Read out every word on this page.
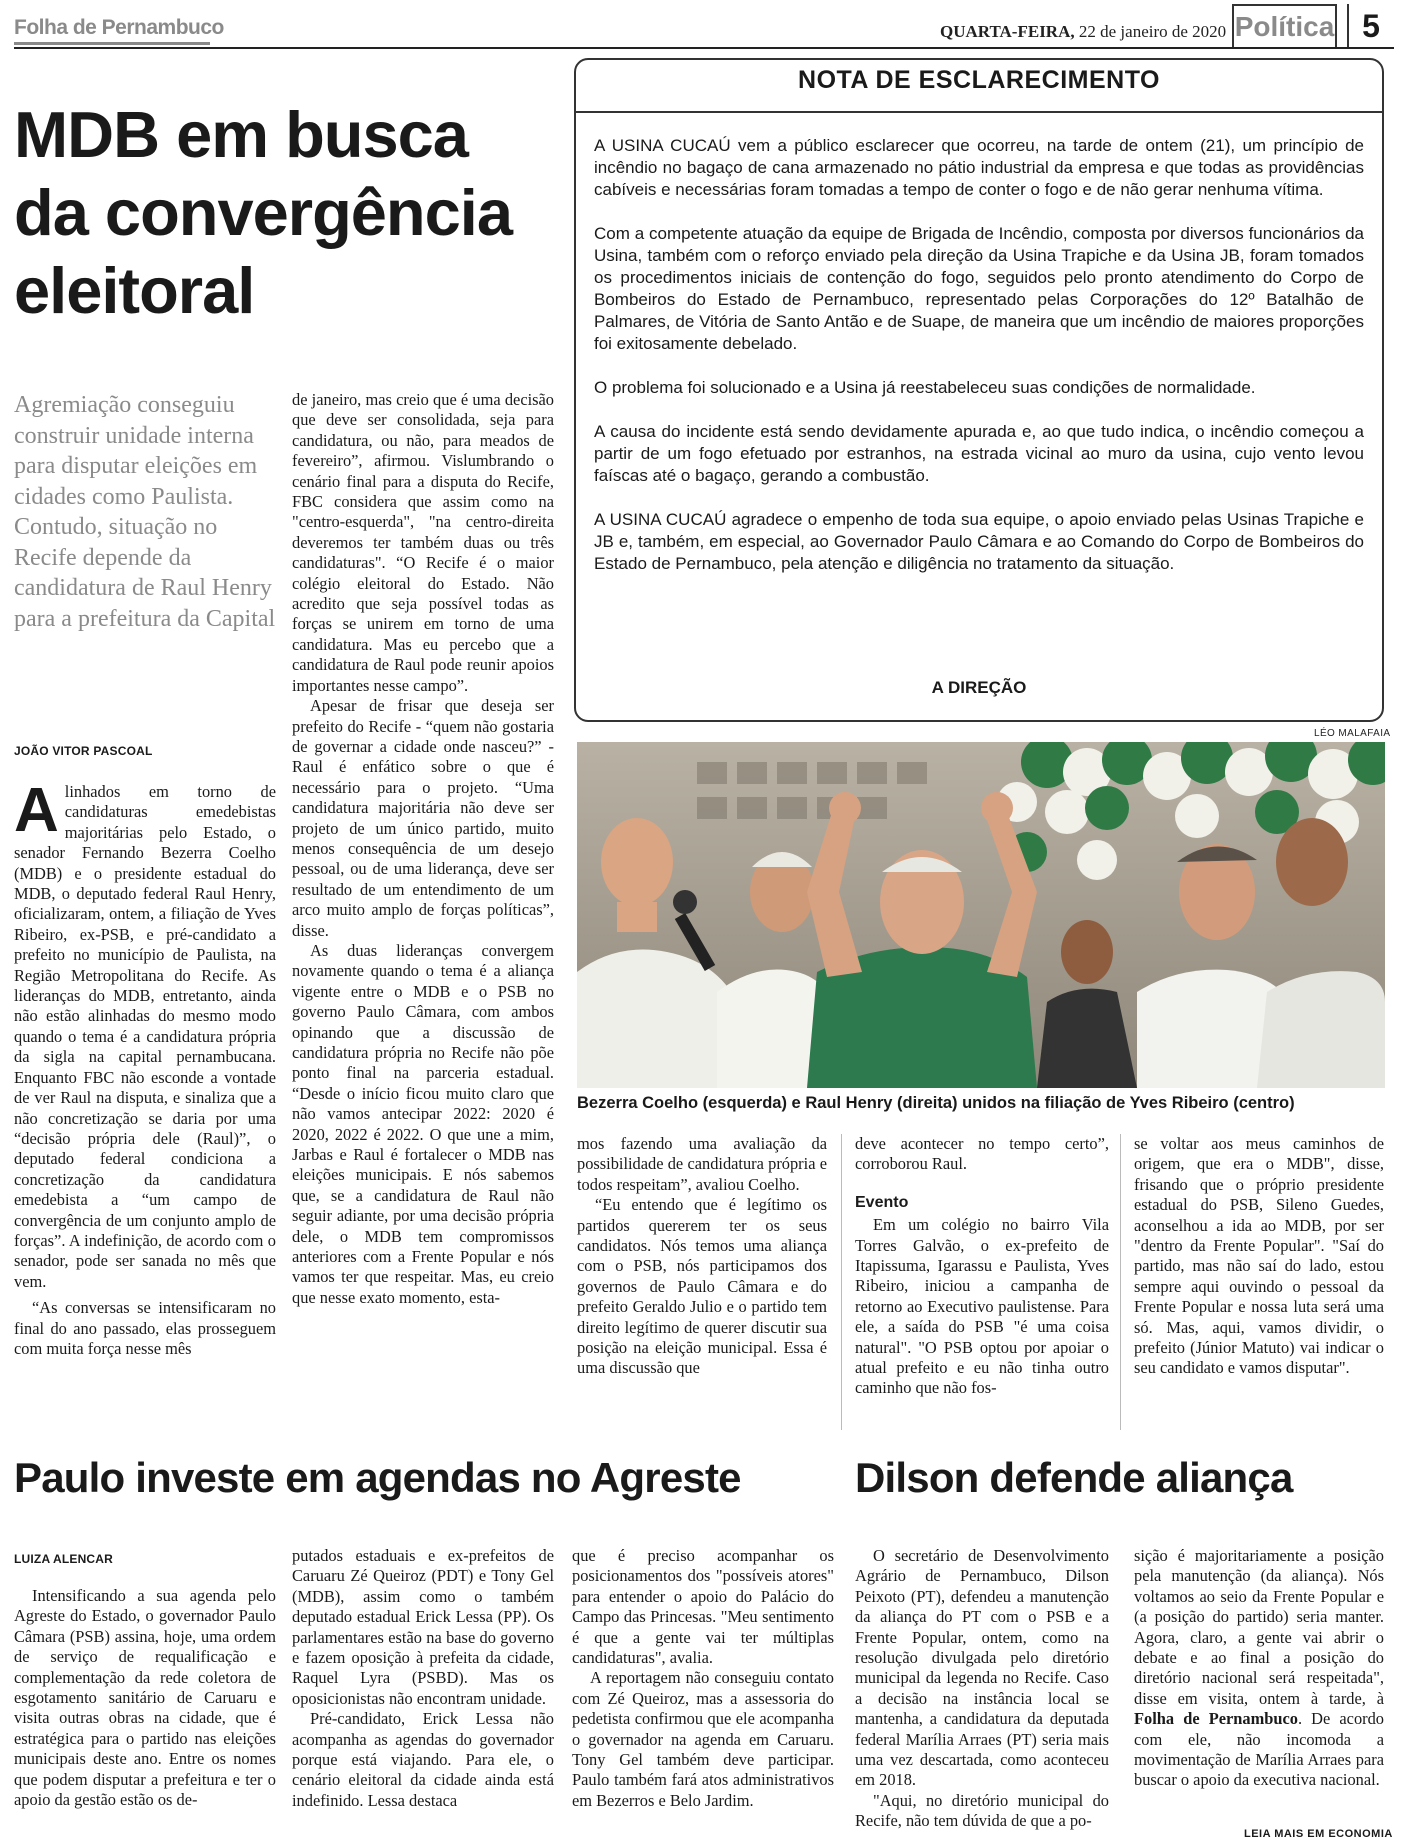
Folha de Pernambuco	QUARTA-FEIRA, 22 de janeiro de 2020 Política 5
MDB em busca da convergência eleitoral
Agremiação conseguiu construir unidade interna para disputar eleições em cidades como Paulista. Contudo, situação no Recife depende da candidatura de Raul Henry para a prefeitura da Capital
JOÃO VITOR PASCOAL

Alinhados em torno de candidaturas emedebistas majoritárias pelo Estado, o senador Fernando Bezerra Coelho (MDB) e o presidente estadual do MDB, o deputado federal Raul Henry, oficializaram, ontem, a filiação de Yves Ribeiro, ex-PSB, e pré-candidato a prefeito no município de Paulista, na Região Metropolitana do Recife. As lideranças do MDB, entretanto, ainda não estão alinhadas do mesmo modo quando o tema é a candidatura própria da sigla na capital pernambucana. Enquanto FBC não esconde a vontade de ver Raul na disputa, e sinaliza que a não concretização se daria por uma “decisão própria dele (Raul)”, o deputado federal condiciona a concretização da candidatura emedebista a “um campo de convergência de um conjunto amplo de forças”. A indefinição, de acordo com o senador, pode ser sanada no mês que vem.

“As conversas se intensificaram no final do ano passado, elas prosseguem com muita força nesse mês

de janeiro, mas creio que é uma decisão que deve ser consolidada, seja para candidatura, ou não, para meados de fevereiro”, afirmou. Vislumbrando o cenário final para a disputa do Recife, FBC considera que assim como na "centro-esquerda", "na centro-direita deveremos ter também duas ou três candidaturas". “O Recife é o maior colégio eleitoral do Estado. Não acredito que seja possível todas as forças se unirem em torno de uma candidatura. Mas eu percebo que a candidatura de Raul pode reunir apoios importantes nesse campo”.

Apesar de frisar que deseja ser prefeito do Recife - “quem não gostaria de governar a cidade onde nasceu?” - Raul é enfático sobre o que é necessário para o projeto. “Uma candidatura majoritária não deve ser projeto de um único partido, muito menos consequência de um desejo pessoal, ou de uma liderança, deve ser resultado de um entendimento de um arco muito amplo de forças políticas”, disse.

As duas lideranças convergem novamente quando o tema é a aliança vigente entre o MDB e o PSB no governo Paulo Câmara, com ambos opinando que a discussão de candidatura própria no Recife não põe ponto final na parceria estadual. “Desde o início ficou muito claro que não vamos antecipar 2022: 2020 é 2020, 2022 é 2022. O que une a mim, Jarbas e Raul é fortalecer o MDB nas eleições municipais. E nós sabemos que, se a candidatura de Raul não seguir adiante, por uma decisão própria dele, o MDB tem compromissos anteriores com a Frente Popular e nós vamos ter que respeitar. Mas, eu creio que nesse exato momento, esta-

mos fazendo uma avaliação da possibilidade de candidatura própria e todos respeitam”, avaliou Coelho.

“Eu entendo que é legítimo os partidos quererem ter os seus candidatos. Nós temos uma aliança com o PSB, nós participamos dos governos de Paulo Câmara e do prefeito Geraldo Julio e o partido tem direito legítimo de querer discutir sua posição na eleição municipal. Essa é uma discussão que

deve acontecer no tempo certo”, corroborou Raul.

Evento

Em um colégio no bairro Vila Torres Galvão, o ex-prefeito de Itapissuma, Igarassu e Paulista, Yves Ribeiro, iniciou a campanha de retorno ao Executivo paulistense. Para ele, a saída do PSB "é uma coisa natural". "O PSB optou por apoiar o atual prefeito e eu não tinha outro caminho que não fos-

se voltar aos meus caminhos de origem, que era o MDB", disse, frisando que o próprio presidente estadual do PSB, Sileno Guedes, aconselhou a ida ao MDB, por ser "dentro da Frente Popular". "Saí do partido, mas não saí do lado, estou sempre aqui ouvindo o pessoal da Frente Popular e nossa luta será uma só. Mas, aqui, vamos dividir, o prefeito (Júnior Matuto) vai indicar o seu candidato e vamos disputar".

NOTA DE ESCLARECIMENTO

A USINA CUCAÚ vem a público esclarecer que ocorreu, na tarde de ontem (21), um princípio de incêndio no bagaço de cana armazenado no pátio industrial da empresa e que todas as providências cabíveis e necessárias foram tomadas a tempo de conter o fogo e de não gerar nenhuma vítima.

Com a competente atuação da equipe de Brigada de Incêndio, composta por diversos funcionários da Usina, também com o reforço enviado pela direção da Usina Trapiche e da Usina JB, foram tomados os procedimentos iniciais de contenção do fogo, seguidos pelo pronto atendimento do Corpo de Bombeiros do Estado de Pernambuco, representado pelas Corporações do 12º Batalhão de Palmares, de Vitória de Santo Antão e de Suape, de maneira que um incêndio de maiores proporções foi exitosamente debelado.

O problema foi solucionado e a Usina já reestabeleceu suas condições de normalidade.

A causa do incidente está sendo devidamente apurada e, ao que tudo indica, o incêndio começou a partir de um fogo efetuado por estranhos, na estrada vicinal ao muro da usina, cujo vento levou faíscas até o bagaço, gerando a combustão.

A USINA CUCAÚ agradece o empenho de toda sua equipe, o apoio enviado pelas Usinas Trapiche e JB e, também, em especial, ao Governador Paulo Câmara e ao Comando do Corpo de Bombeiros do Estado de Pernambuco, pela atenção e diligência no tratamento da situação.

A DIREÇÃO
LÉO MALAFAIA
Bezerra Coelho (esquerda) e Raul Henry (direita) unidos na filiação de Yves Ribeiro (centro)
Paulo investe em agendas no Agreste
LUIZA ALENCAR

Intensificando a sua agenda pelo Agreste do Estado, o governador Paulo Câmara (PSB) assina, hoje, uma ordem de serviço de requalificação e complementação da rede coletora de esgotamento sanitário de Caruaru e visita outras obras na cidade, que é estratégica para o partido nas eleições municipais deste ano. Entre os nomes que podem disputar a prefeitura e ter o apoio da gestão estão os de-

putados estaduais e ex-prefeitos de Caruaru Zé Queiroz (PDT) e Tony Gel (MDB), assim como o também deputado estadual Erick Lessa (PP). Os parlamentares estão na base do governo e fazem oposição à prefeita da cidade, Raquel Lyra (PSBD). Mas os oposicionistas não encontram unidade.

Pré-candidato, Erick Lessa não acompanha as agendas do governador porque está viajando. Para ele, o cenário eleitoral da cidade ainda está indefinido. Lessa destaca

que é preciso acompanhar os posicionamentos dos "possíveis atores" para entender o apoio do Palácio do Campo das Princesas. "Meu sentimento é que a gente vai ter múltiplas candidaturas", avalia.

A reportagem não conseguiu contato com Zé Queiroz, mas a assessoria do pedetista confirmou que ele acompanha o governador na agenda em Caruaru. Tony Gel também deve participar. Paulo também fará atos administrativos em Bezerros e Belo Jardim.

Dilson defende aliança

O secretário de Desenvolvimento Agrário de Pernambuco, Dilson Peixoto (PT), defendeu a manutenção da aliança do PT com o PSB e a Frente Popular, ontem, como na resolução divulgada pelo diretório municipal da legenda no Recife. Caso a decisão na instância local se mantenha, a candidatura da deputada federal Marília Arraes (PT) seria mais uma vez descartada, como aconteceu em 2018.

"Aqui, no diretório municipal do Recife, não tem dúvida de que a po-

sição é majoritariamente a posição pela manutenção (da aliança). Nós voltamos ao seio da Frente Popular e (a posição do partido) seria manter. Agora, claro, a gente vai abrir o debate e ao final a posição do diretório nacional será respeitada", disse em visita, ontem à tarde, à Folha de Pernambuco. De acordo com ele, não incomoda a movimentação de Marília Arraes para buscar o apoio da executiva nacional.

LEIA MAIS EM ECONOMIA
